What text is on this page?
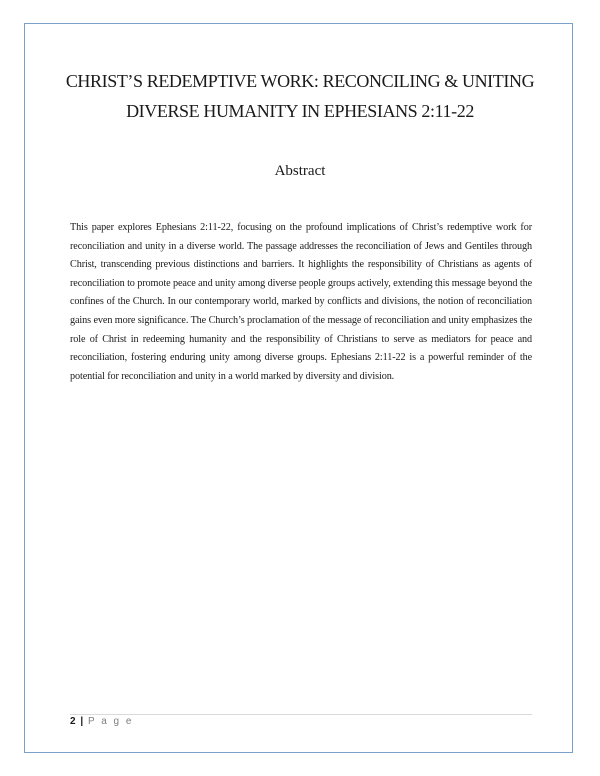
CHRIST’S REDEMPTIVE WORK: RECONCILING & UNITING
DIVERSE HUMANITY IN EPHESIANS 2:11-22
Abstract

This paper explores Ephesians 2:11-22, focusing on the profound implications of Christ’s redemptive work for reconciliation and unity in a diverse world. The passage addresses the reconciliation of Jews and Gentiles through Christ, transcending previous distinctions and barriers. It highlights the responsibility of Christians as agents of reconciliation to promote peace and unity among diverse people groups actively, extending this message beyond the confines of the Church. In our contemporary world, marked by conflicts and divisions, the notion of reconciliation gains even more significance. The Church’s proclamation of the message of reconciliation and unity emphasizes the role of Christ in redeeming humanity and the responsibility of Christians to serve as mediators for peace and reconciliation, fostering enduring unity among diverse groups. Ephesians 2:11-22 is a powerful reminder of the potential for reconciliation and unity in a world marked by diversity and division.

2 | P a g e
